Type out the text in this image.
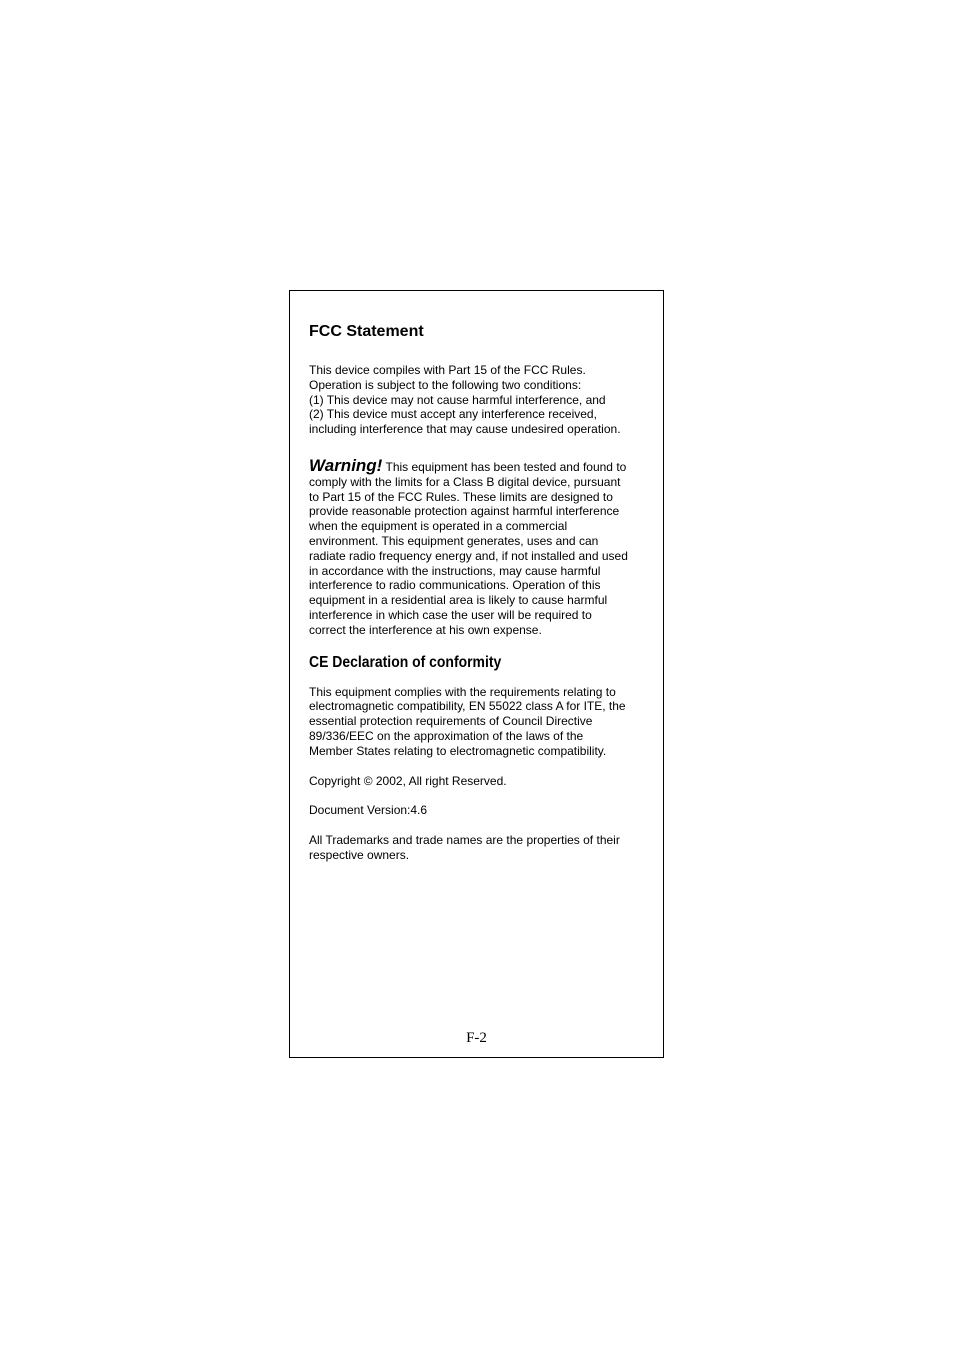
FCC Statement

This device compiles with Part 15 of the FCC Rules.
Operation is subject to the following two conditions:
(1) This device may not cause harmful interference, and
(2) This device must accept any interference received,
including interference that may cause undesired operation.

Warning! This equipment has been tested and found to
comply with the limits for a Class B digital device, pursuant
to Part 15 of the FCC Rules. These limits are designed to
provide reasonable protection against harmful interference
when the equipment is operated in a commercial
environment. This equipment generates, uses and can
radiate radio frequency energy and, if not installed and used
in accordance with the instructions, may cause harmful
interference to radio communications. Operation of this
equipment in a residential area is likely to cause harmful
interference in which case the user will be required to
correct the interference at his own expense.

CE Declaration of conformity

This equipment complies with the requirements relating to
electromagnetic compatibility, EN 55022 class A for ITE, the
essential protection requirements of Council Directive
89/336/EEC on the approximation of the laws of the
Member States relating to electromagnetic compatibility.

Copyright © 2002, All right Reserved.

Document Version:4.6

All Trademarks and trade names are the properties of their
respective owners.

F-2
